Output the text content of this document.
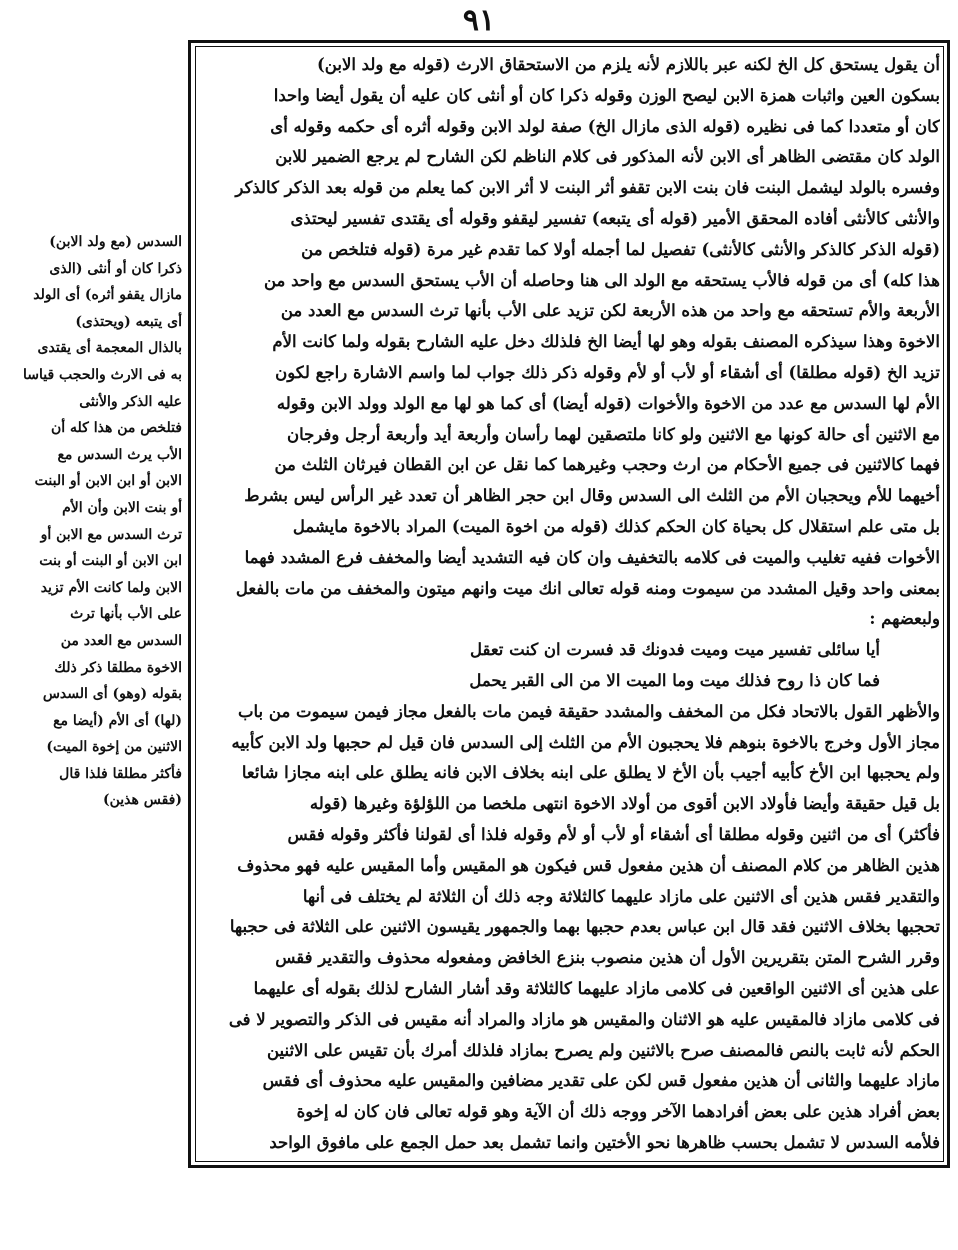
٩١
أن يقول يستحق كل الخ لكنه عبر باللازم لأنه يلزم من الاستحقاق الارث (قوله مع ولد الابن)
بسكون العين واثبات همزة الابن ليصح الوزن وقوله ذكرا كان أو أنثى كان عليه أن يقول أيضا واحدا
كان أو متعددا كما فى نظيره (قوله الذى مازال الخ) صفة لولد الابن وقوله أثره أى حكمه وقوله أى
الولد كان مقتضى الظاهر أى الابن لأنه المذكور فى كلام الناظم لكن الشارح لم يرجع الضمير للابن
وفسره بالولد ليشمل البنت فان بنت الابن تقفو أثر البنت لا أثر الابن كما يعلم من قوله بعد الذكر كالذكر
والأنثى كالأنثى أفاده المحقق الأمير (قوله أى يتبعه) تفسير ليقفو وقوله أى يقتدى تفسير ليحتذى
(قوله الذكر كالذكر والأنثى كالأنثى) تفصيل لما أجمله أولا كما تقدم غير مرة (قوله فتلخص من
هذا كله) أى من قوله فالأب يستحقه مع الولد الى هنا وحاصله أن الأب يستحق السدس مع واحد من
الأربعة والأم تستحقه مع واحد من هذه الأربعة لكن تزيد على الأب بأنها ترث السدس مع العدد من
الاخوة وهذا سيذكره المصنف بقوله وهو لها أيضا الخ فلذلك دخل عليه الشارح بقوله ولما كانت الأم
تزيد الخ (قوله مطلقا) أى أشقاء أو لأب أو لأم وقوله ذكر ذلك جواب لما واسم الاشارة راجع لكون
الأم لها السدس مع عدد من الاخوة والأخوات (قوله أيضا) أى كما هو لها مع الولد وولد الابن وقوله
مع الاثنين أى حالة كونها مع الاثنين ولو كانا ملتصقين لهما رأسان وأربعة أيد وأربعة أرجل وفرجان
فهما كالاثنين فى جميع الأحكام من ارث وحجب وغيرهما كما نقل عن ابن القطان فيرثان الثلث من
أخيهما للأم ويحجبان الأم من الثلث الى السدس وقال ابن حجر الظاهر أن تعدد غير الرأس ليس بشرط
بل متى علم استقلال كل بحياة كان الحكم كذلك (قوله من اخوة الميت) المراد بالاخوة مايشمل
الأخوات ففيه تغليب والميت فى كلامه بالتخفيف وان كان فيه التشديد أيضا والمخفف فرع المشدد فهما
بمعنى واحد وقيل المشدد من سيموت ومنه قوله تعالى انك ميت وانهم ميتون والمخفف من مات بالفعل
ولبعضهم :
أيا سائلى تفسير ميت وميت فدونك قد فسرت ان كنت تعقل
فما كان ذا روح فذلك ميت وما الميت الا من الى القبر يحمل
والأظهر القول بالاتحاد فكل من المخفف والمشدد حقيقة فيمن مات بالفعل مجاز فيمن سيموت من باب
مجاز الأول وخرج بالاخوة بنوهم فلا يحجبون الأم من الثلث إلى السدس فان قيل لم حجبها ولد الابن كأبيه
ولم يحجبها ابن الأخ كأبيه أجيب بأن الأخ لا يطلق على ابنه بخلاف الابن فانه يطلق على ابنه مجازا شائعا
بل قيل حقيقة وأيضا فأولاد الابن أقوى من أولاد الاخوة انتهى ملخصا من اللؤلؤة وغيرها (قوله
فأكثر) أى من اثنين وقوله مطلقا أى أشقاء أو لأب أو لأم وقوله فلذا أى لقولنا فأكثر وقوله فقس
هذين الظاهر من كلام المصنف أن هذين مفعول قس فيكون هو المقيس وأما المقيس عليه فهو محذوف
والتقدير فقس هذين أى الاثنين على مازاد عليهما كالثلاثة وجه ذلك أن الثلاثة لم يختلف فى أنها
تحجبها بخلاف الاثنين فقد قال ابن عباس بعدم حجبها بهما والجمهور يقيسون الاثنين على الثلاثة فى حجبها
وقرر الشرح المتن بتقريرين الأول أن هذين منصوب بنزع الخافض ومفعوله محذوف والتقدير فقس
على هذين أى الاثنين الواقعين فى كلامى مازاد عليهما كالثلاثة وقد أشار الشارح لذلك بقوله أى عليهما
فى كلامى مازاد فالمقيس عليه هو الاثنان والمقيس هو مازاد والمراد أنه مقيس فى الذكر والتصوير لا فى
الحكم لأنه ثابت بالنص فالمصنف صرح بالاثنين ولم يصرح بمازاد فلذلك أمرك بأن تقيس على الاثنين
مازاد عليهما والثانى أن هذين مفعول قس لكن على تقدير مضافين والمقيس عليه محذوف أى فقس
بعض أفراد هذين على بعض أفرادهما الآخر ووجه ذلك أن الآية وهو قوله تعالى فان كان له إخوة
فلأمه السدس لا تشمل بحسب ظاهرها نحو الأختين وانما تشمل بعد حمل الجمع على مافوق الواحد
السدس (مع ولد الابن)
ذكرا كان أو أنثى (الذى
مازال يقفو أثره) أى الولد
أى يتبعه (ويحتذى)
بالذال المعجمة أى يقتدى
به فى الارث والحجب قياسا
عليه الذكر والأنثى
فتلخص من هذا كله أن
الأب يرث السدس مع
الابن أو ابن الابن أو البنت
أو بنت الابن وأن الأم
ترث السدس مع الابن أو
ابن الابن أو البنت أو بنت
الابن ولما كانت الأم تزيد
على الأب بأنها ترث
السدس مع العدد من
الاخوة مطلقا ذكر ذلك
بقوله (وهو) أى السدس
(لها) أى الأم (أيضا مع
الاثنين من إخوة الميت)
فأكثر مطلقا فلذا قال
(فقس هذين)
